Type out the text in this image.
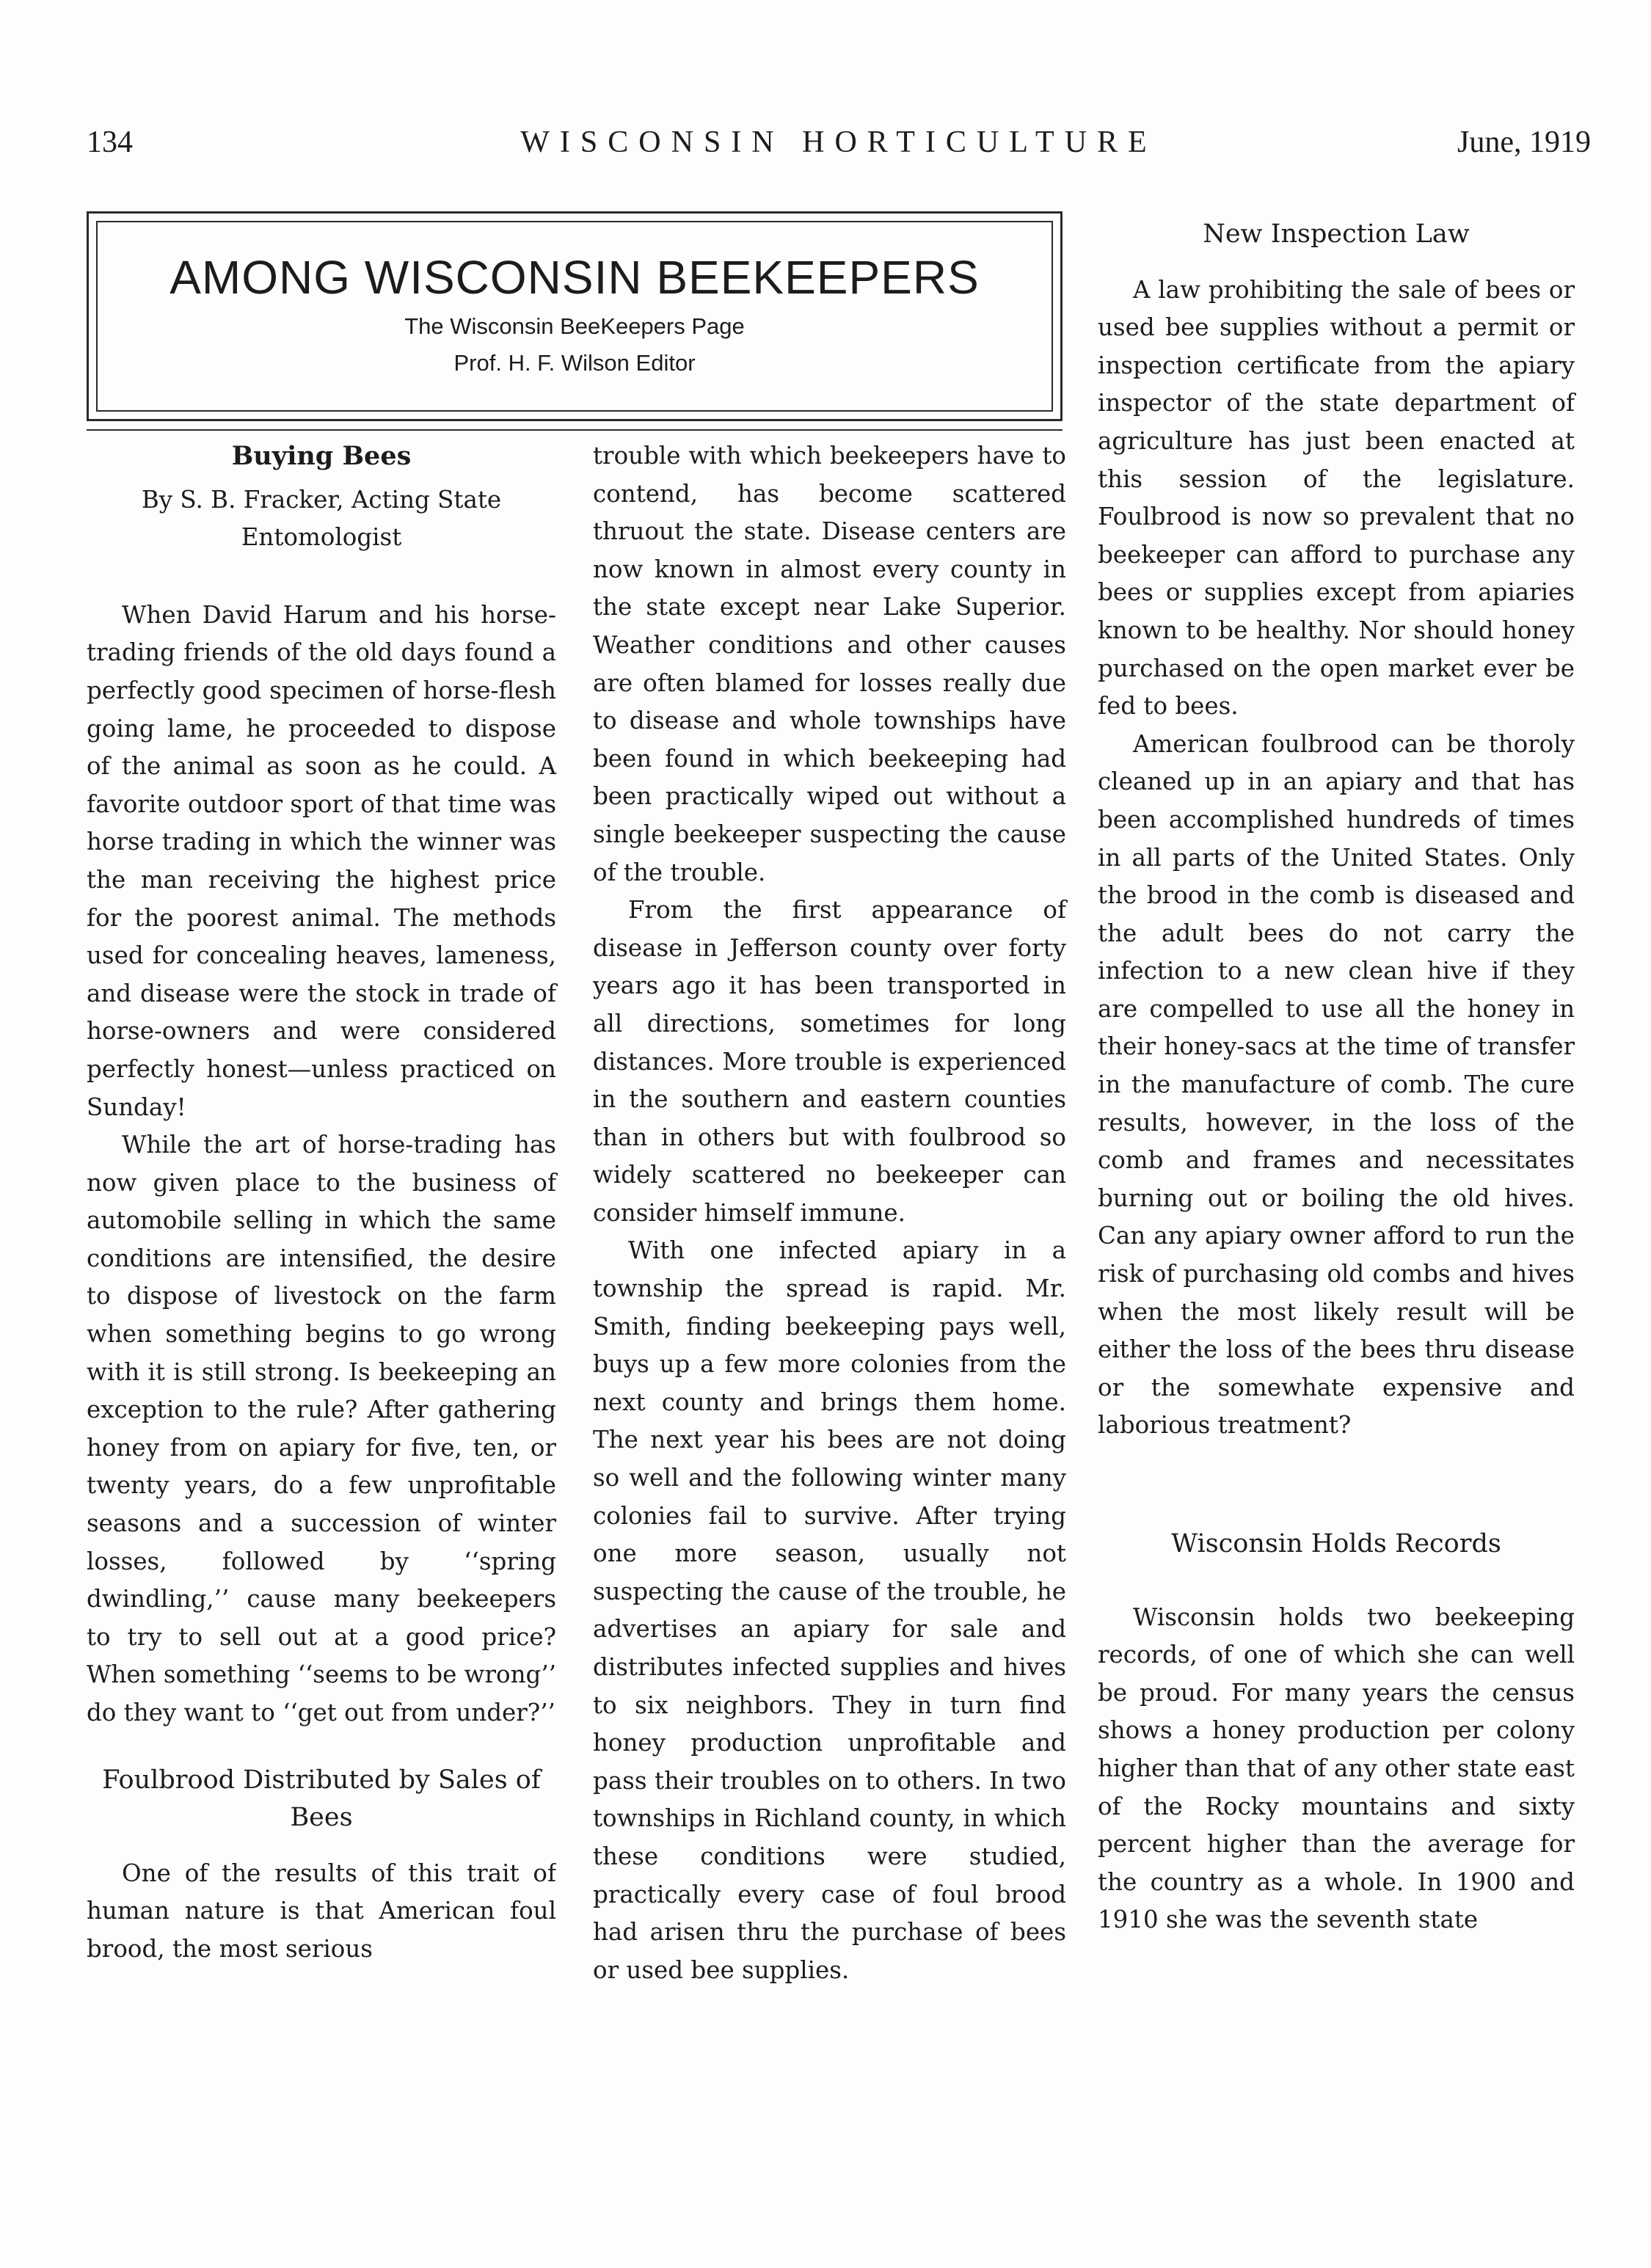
134	WISCONSIN HORTICULTURE	June, 1919
AMONG WISCONSIN BEEKEEPERS
The Wisconsin BeeKeepers Page
Prof. H. F. Wilson Editor
Buying Bees

By S. B. Fracker, Acting State Entomologist

When David Harum and his horse-trading friends of the old days found a perfectly good specimen of horse-flesh going lame, he proceeded to dispose of the animal as soon as he could. A favorite outdoor sport of that time was horse trading in which the winner was the man receiving the highest price for the poorest animal. The methods used for concealing heaves, lameness, and disease were the stock in trade of horse-owners and were considered perfectly honest—unless practiced on Sunday!

While the art of horse-trading has now given place to the business of automobile selling in which the same conditions are intensified, the desire to dispose of livestock on the farm when something begins to go wrong with it is still strong. Is beekeeping an exception to the rule? After gathering honey from on apiary for five, ten, or twenty years, do a few unprofitable seasons and a succession of winter losses, followed by ‘‘spring dwindling,’’ cause many beekeepers to try to sell out at a good price? When something ‘‘seems to be wrong’’ do they want to ‘‘get out from under?’’

Foulbrood Distributed by Sales of Bees

One of the results of this trait of human nature is that American foul brood, the most serious

trouble with which beekeepers have to contend, has become scattered thruout the state. Disease centers are now known in almost every county in the state except near Lake Superior. Weather conditions and other causes are often blamed for losses really due to disease and whole townships have been found in which beekeeping had been practically wiped out without a single beekeeper suspecting the cause of the trouble.

From the first appearance of disease in Jefferson county over forty years ago it has been transported in all directions, sometimes for long distances. More trouble is experienced in the southern and eastern counties than in others but with foulbrood so widely scattered no beekeeper can consider himself immune.

With one infected apiary in a township the spread is rapid. Mr. Smith, finding beekeeping pays well, buys up a few more colonies from the next county and brings them home. The next year his bees are not doing so well and the following winter many colonies fail to survive. After trying one more season, usually not suspecting the cause of the trouble, he advertises an apiary for sale and distributes infected supplies and hives to six neighbors. They in turn find honey production unprofitable and pass their troubles on to others. In two townships in Richland county, in which these conditions were studied, practically every case of foul brood had arisen thru the purchase of bees or used bee supplies.

New Inspection Law

A law prohibiting the sale of bees or used bee supplies without a permit or inspection certificate from the apiary inspector of the state department of agriculture has just been enacted at this session of the legislature. Foulbrood is now so prevalent that no beekeeper can afford to purchase any bees or supplies except from apiaries known to be healthy. Nor should honey purchased on the open market ever be fed to bees.

American foulbrood can be thoroly cleaned up in an apiary and that has been accomplished hundreds of times in all parts of the United States. Only the brood in the comb is diseased and the adult bees do not carry the infection to a new clean hive if they are compelled to use all the honey in their honey-sacs at the time of transfer in the manufacture of comb. The cure results, however, in the loss of the comb and frames and necessitates burning out or boiling the old hives. Can any apiary owner afford to run the risk of purchasing old combs and hives when the most likely result will be either the loss of the bees thru disease or the somewhate expensive and laborious treatment?

Wisconsin Holds Records

Wisconsin holds two beekeeping records, of one of which she can well be proud. For many years the census shows a honey production per colony higher than that of any other state east of the Rocky mountains and sixty percent higher than the average for the country as a whole. In 1900 and 1910 she was the seventh state
